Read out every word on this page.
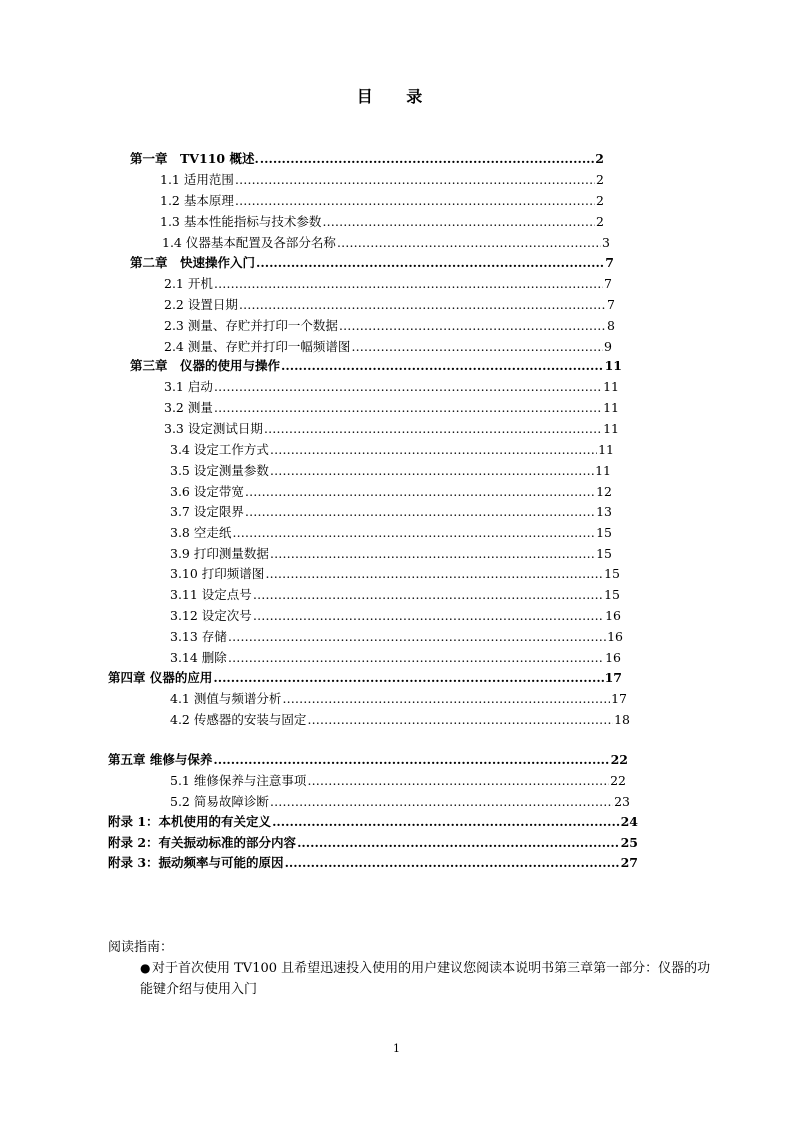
目 录
第一章　TV110 概述. .....	2
1.1 适用范围 …………………………………………………………………………………………………………………………………………………………………………………………………………	2
1.2 基本原理 …………………………………………………………………………………………………………………………………………………………………………………………………………	2
1.3 基本性能指标与技术参数 …………………………………………………………………………………………………………………………………………………………………………………………………………	2
1.4 仪器基本配置及各部分名称 …………………………………………………………………………………………………………………………………………………………………………………………………………	3
第二章　快速操作入门 .....	7
2.1 开机 …………………………………………………………………………………………………………………………………………………………………………………………………………	7
2.2 设置日期 …………………………………………………………………………………………………………………………………………………………………………………………………………	7
2.3 测量、存贮并打印一个数据 …………………………………………………………………………………………………………………………………………………………………………………………………………	8
2.4 测量、存贮并打印一幅频谱图 …………………………………………………………………………………………………………………………………………………………………………………………………………	9
第三章　仪器的使用与操作 .....	11
3.1 启动 …………………………………………………………………………………………………………………………………………………………………………………………………………	11
3.2 测量 …………………………………………………………………………………………………………………………………………………………………………………………………………	11
3.3 设定测试日期 …………………………………………………………………………………………………………………………………………………………………………………………………………	11
3.4 设定工作方式 …………………………………………………………………………………………………………………………………………………………………………………………………………	11
3.5 设定测量参数 …………………………………………………………………………………………………………………………………………………………………………………………………………	11
3.6 设定带宽 …………………………………………………………………………………………………………………………………………………………………………………………………………	12
3.7 设定限界 …………………………………………………………………………………………………………………………………………………………………………………………………………	13
3.8 空走纸 …………………………………………………………………………………………………………………………………………………………………………………………………………	15
3.9 打印测量数据 …………………………………………………………………………………………………………………………………………………………………………………………………………	15
3.10 打印频谱图 …………………………………………………………………………………………………………………………………………………………………………………………………………	15
3.11 设定点号 …………………………………………………………………………………………………………………………………………………………………………………………………………	15
3.12 设定次号 …………………………………………………………………………………………………………………………………………………………………………………………………………	16
3.13 存储 …………………………………………………………………………………………………………………………………………………………………………………………………………	16
3.14 删除 …………………………………………………………………………………………………………………………………………………………………………………………………………	16
第四章 仪器的应用 .....	17
4.1 测值与频谱分析 …………………………………………………………………………………………………………………………………………………………………………………………………………	17
4.2 传感器的安装与固定 …………………………………………………………………………………………………………………………………………………………………………………………………………	18
第五章 维修与保养 .....	22
5.1 维修保养与注意事项 …………………………………………………………………………………………………………………………………………………………………………………………………………	22
5.2 简易故障诊断 …………………………………………………………………………………………………………………………………………………………………………………………………………	23
附录 1：本机使用的有关定义 .....	24
附录 2：有关振动标准的部分内容 .....	25
附录 3：振动频率与可能的原因 .....	27
阅读指南：
● 对于首次使用 TV100 且希望迅速投入使用的用户建议您阅读本说明书第三章第一部分：仪器的功能键介绍与使用入门
1
